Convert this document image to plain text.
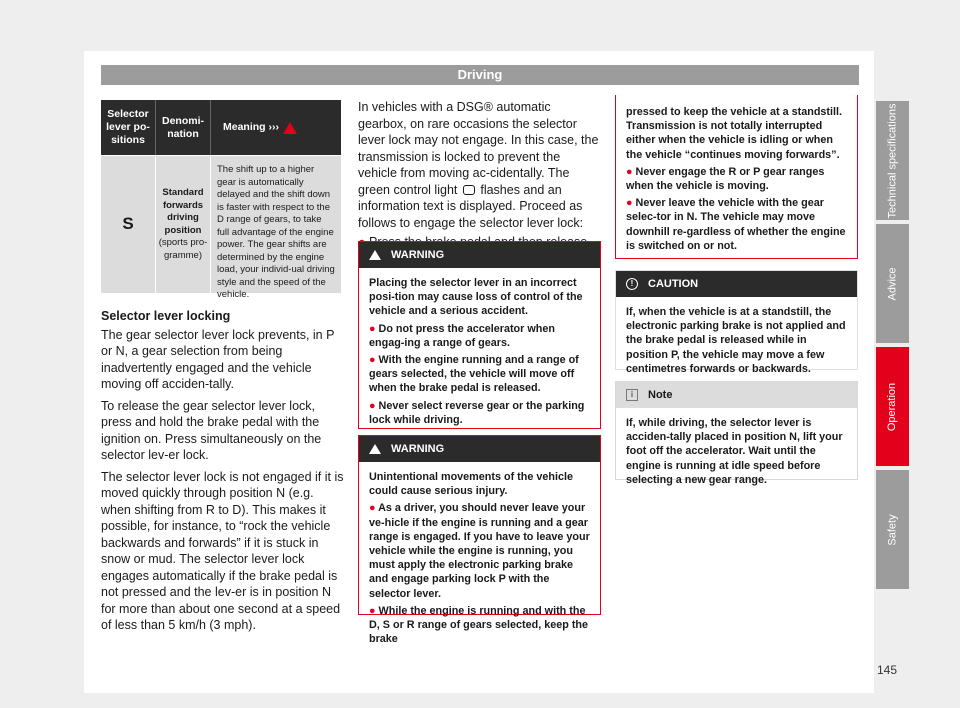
Driving
Selector lever po-sitions
Denomi-nation
Meaning ›››
S
Standard forwards driving position
(sports pro-gramme)
The shift up to a higher gear is automatically delayed and the shift down is faster with respect to the D range of gears, to take full advantage of the engine power. The gear shifts are determined by the engine load, your individ-ual driving style and the speed of the vehicle.
Selector lever locking

The gear selector lever lock prevents, in P or N, a gear selection from being inadvertently engaged and the vehicle moving off acciden-tally.

To release the gear selector lever lock, press and hold the brake pedal with the ignition on. Press simultaneously on the selector lev-er lock.

The selector lever lock is not engaged if it is moved quickly through position N (e.g. when shifting from R to D). This makes it possible, for instance, to “rock the vehicle backwards and forwards” if it is stuck in snow or mud. The selector lever lock engages automatically if the brake pedal is not pressed and the lev-er is in position N for more than about one second at a speed of less than 5 km/h (3 mph).

In vehicles with a DSG® automatic gearbox, on rare occasions the selector lever lock may not engage. In this case, the transmission is locked to prevent the vehicle from moving ac-cidentally. The green control light flashes and an information text is displayed. Proceed as follows to engage the selector lever lock:

WARNING

Placing the selector lever in an incorrect posi-tion may cause loss of control of the vehicle and a serious accident.

● Do not press the accelerator when engag-ing a range of gears.

● With the engine running and a range of gears selected, the vehicle will move off when the brake pedal is released.

● Never select reverse gear or the parking lock while driving.

WARNING

Unintentional movements of the vehicle could cause serious injury.

● As a driver, you should never leave your ve-hicle if the engine is running and a gear range is engaged. If you have to leave your vehicle while the engine is running, you must apply the electronic parking brake and engage parking lock P with the selector lever.

● While the engine is running and with the D, S or R range of gears selected, keep the brake

pressed to keep the vehicle at a standstill. Transmission is not totally interrupted either when the vehicle is idling or when the vehicle “continues moving forwards”.

● Never engage the R or P gear ranges when the vehicle is moving.

● Never leave the vehicle with the gear selec-tor in N. The vehicle may move downhill re-gardless of whether the engine is switched on or not.

!	CAUTION
If, when the vehicle is at a standstill, the electronic parking brake is not applied and the brake pedal is released while in position P, the vehicle may move a few centimetres forwards or backwards.
i	Note
If, while driving, the selector lever is acciden-tally placed in position N, lift your foot off the accelerator. Wait until the engine is running at idle speed before selecting a new gear range.
Technical specifications
Advice
Operation
Safety
145
